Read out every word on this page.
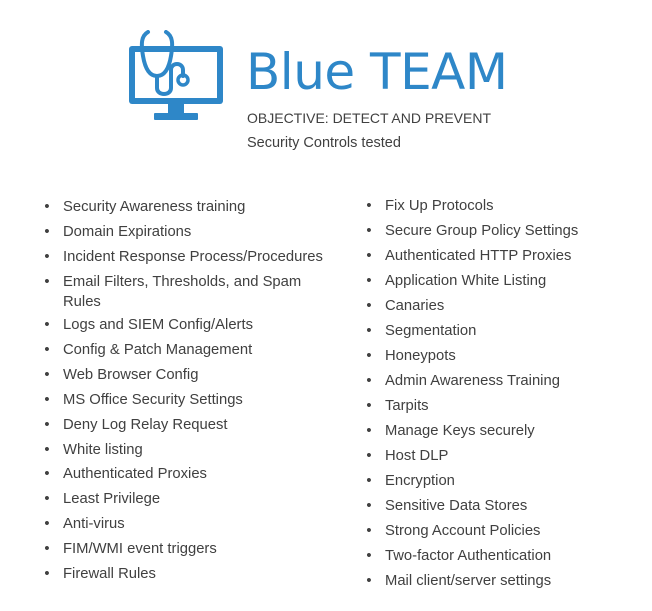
Blue TEAM
OBJECTIVE: DETECT AND PREVENT
Security Controls tested
• Security Awareness training
• Domain Expirations
• Incident Response Process/Procedures
• Email Filters, Thresholds, and Spam Rules
• Logs and SIEM Config/Alerts
• Config & Patch Management
• Web Browser Config
• MS Office Security Settings
• Deny Log Relay Request
• White listing
• Authenticated Proxies
• Least Privilege
• Anti-virus
• FIM/WMI event triggers
• Firewall Rules
• Fix Up Protocols
• Secure Group Policy Settings
• Authenticated HTTP Proxies
• Application White Listing
• Canaries
• Segmentation
• Honeypots
• Admin Awareness Training
• Tarpits
• Manage Keys securely
• Host DLP
• Encryption
• Sensitive Data Stores
• Strong Account Policies
• Two-factor Authentication
• Mail client/server settings
